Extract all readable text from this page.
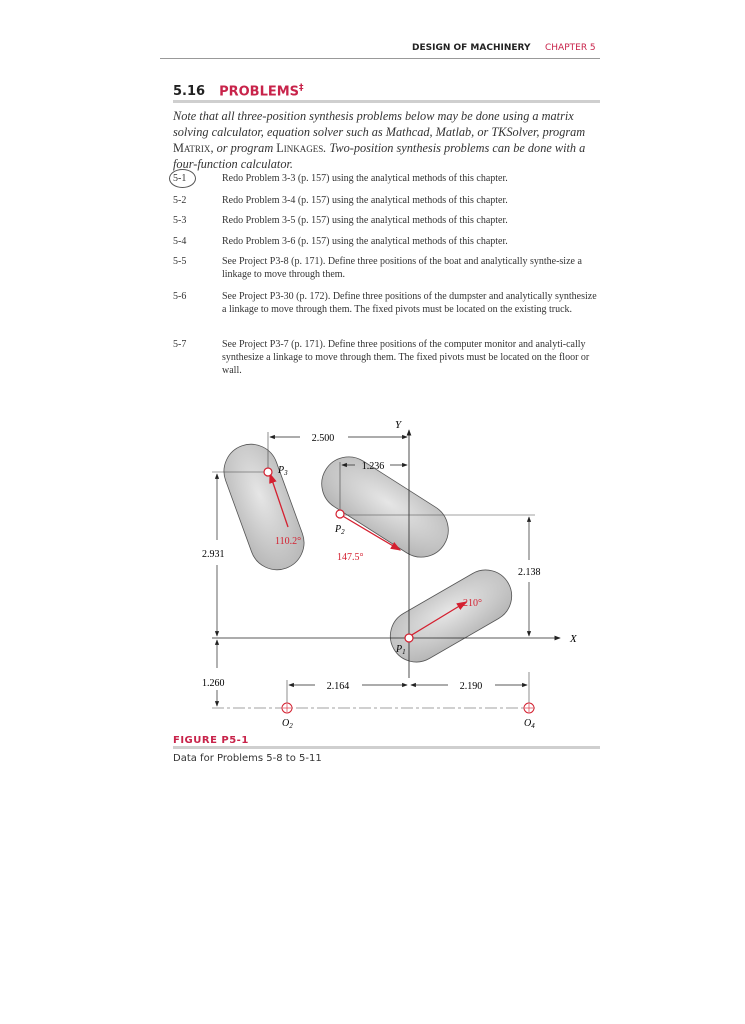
DESIGN OF MACHINERY CHAPTER 5
5.16 PROBLEMS‡
Note that all three-position synthesis problems below may be done using a matrix solving calculator, equation solver such as Mathcad, Matlab, or TKSolver, program Matrix, or program Linkages. Two-position synthesis problems can be done with a four-function calculator.
5-1	Redo Problem 3-3 (p. 157) using the analytical methods of this chapter.
5-2	Redo Problem 3-4 (p. 157) using the analytical methods of this chapter.
5-3	Redo Problem 3-5 (p. 157) using the analytical methods of this chapter.
5-4	Redo Problem 3-6 (p. 157) using the analytical methods of this chapter.
5-5	See Project P3-8 (p. 171). Define three positions of the boat and analytically synthe-size a linkage to move through them.
5-6	See Project P3-30 (p. 172). Define three positions of the dumpster and analytically synthesize a linkage to move through them. The fixed pivots must be located on the existing truck.
5-7	See Project P3-7 (p. 171). Define three positions of the computer monitor and analyti-cally synthesize a linkage to move through them. The fixed pivots must be located on the floor or wall.
Y
X
2.500
1.236
2.931
2.138
1.260	2.164	2.190
210°
147.5°
110.2°
$P_1$
$P_2$
$P_3$
$O_2$	$O_4$
FIGURE P5-1
Data for Problems 5-8 to 5-11
